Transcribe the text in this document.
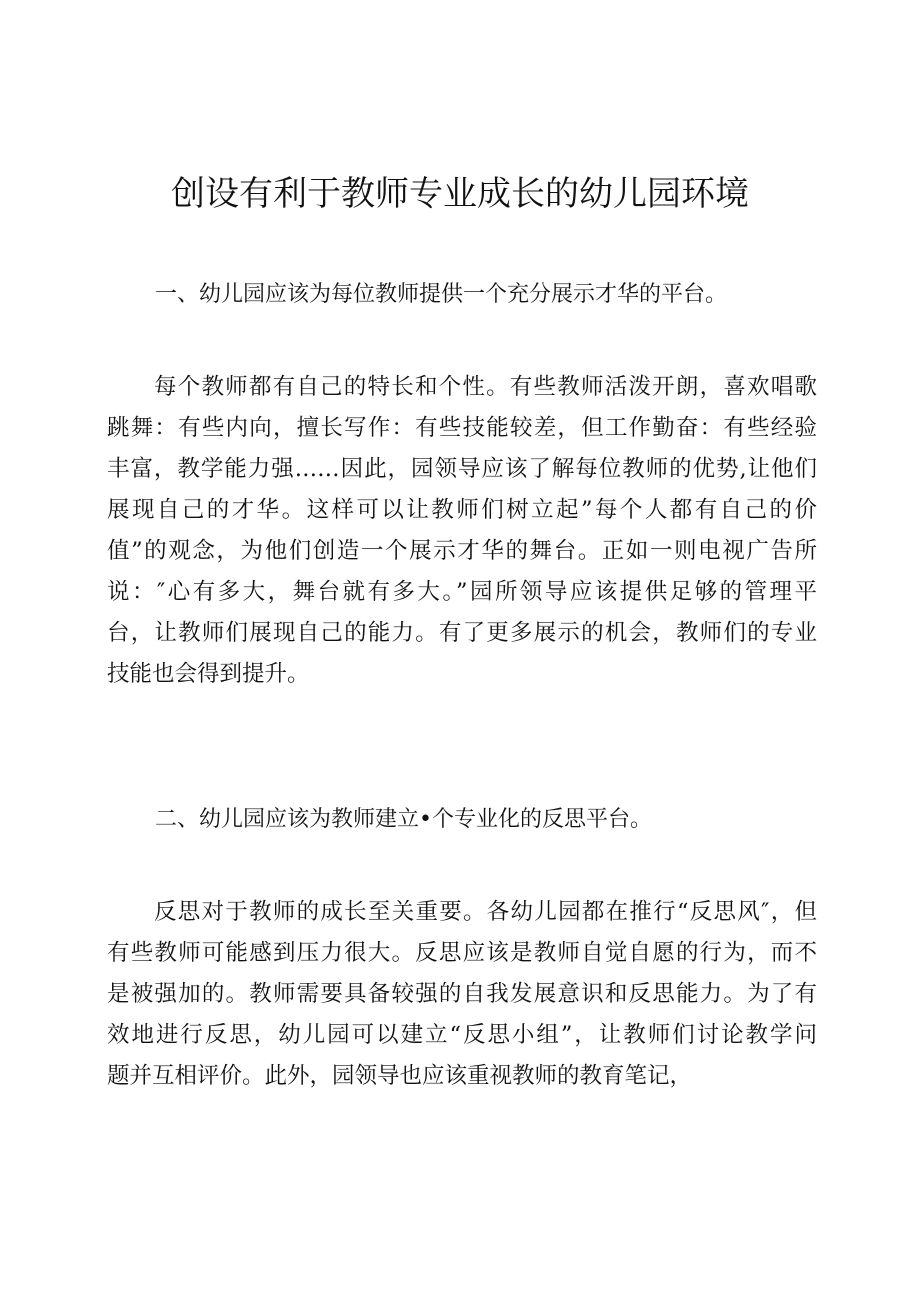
创设有利于教师专业成长的幼儿园环境

一、幼儿园应该为每位教师提供一个充分展示才华的平台。

每个教师都有自己的特长和个性。有些教师活泼开朗，喜欢唱歌
跳舞：有些内向，擅长写作：有些技能较差，但工作勤奋：有些经验
丰富，教学能力强……因此，园领导应该了解每位教师的优势,让他们
展现自己的才华。这样可以让教师们树立起”每个人都有自己的价
值”的观念，为他们创造一个展示才华的舞台。正如一则电视广告所
说：″心有多大，舞台就有多大。”园所领导应该提供足够的管理平
台，让教师们展现自己的能力。有了更多展示的机会，教师们的专业
技能也会得到提升。

二、幼儿园应该为教师建立•个专业化的反思平台。

反思对于教师的成长至关重要。各幼儿园都在推行“反思风″，但
有些教师可能感到压力很大。反思应该是教师自觉自愿的行为，而不
是被强加的。教师需要具备较强的自我发展意识和反思能力。为了有
效地进行反思，幼儿园可以建立“反思小组”，让教师们讨论教学问
题并互相评价。此外，园领导也应该重视教师的教育笔记，
